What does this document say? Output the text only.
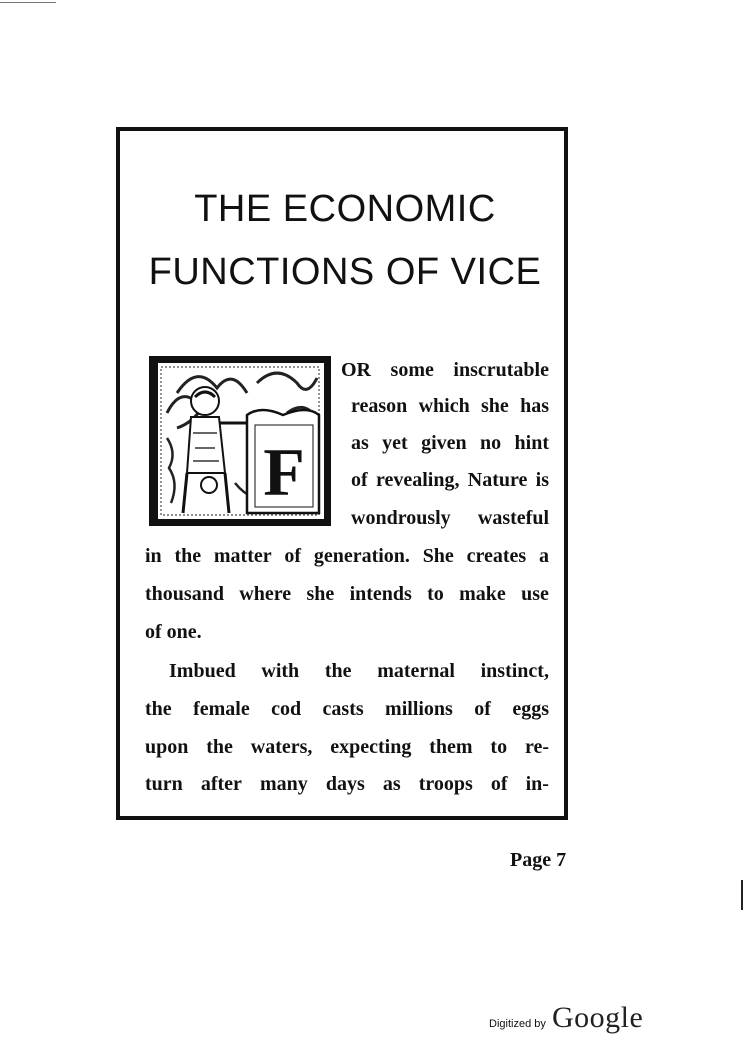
THE ECONOMIC
FUNCTIONS OF VICE
F
OR some inscrutable
reason which she has
as yet given no hint
of revealing, Nature is
wondrously wasteful
in the matter of generation. She creates a
thousand where she intends to make use
of one.
Imbued with the maternal instinct,
the female cod casts millions of eggs
upon the waters, expecting them to re-
turn after many days as troops of in-

Page 7

Digitized by Google
